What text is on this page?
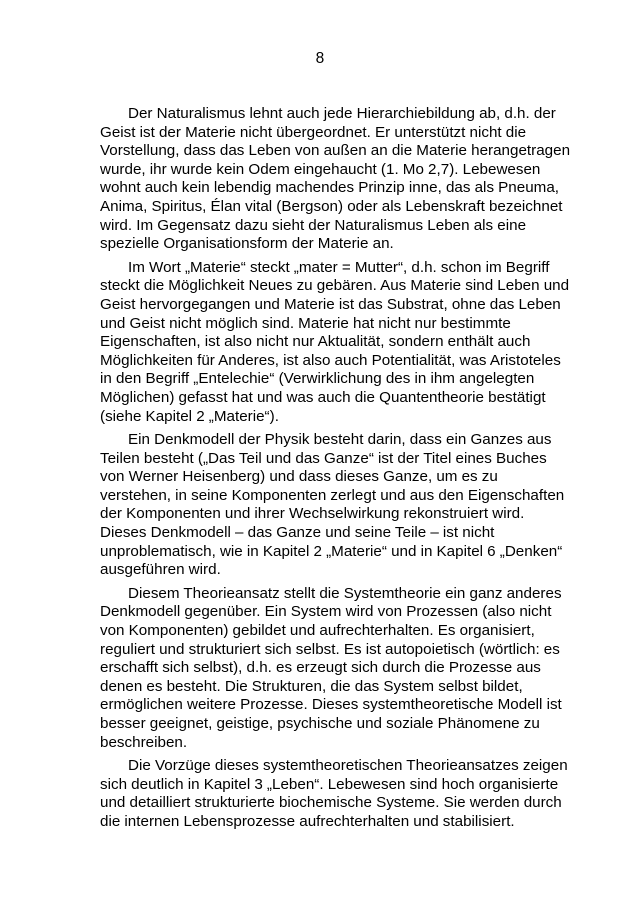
8

Der Naturalismus lehnt auch jede Hierarchiebildung ab, d.h. der Geist ist der Materie nicht übergeordnet. Er unterstützt nicht die Vorstellung, dass das Leben von außen an die Materie herangetragen wurde, ihr wurde kein Odem eingehaucht (1. Mo 2,7). Lebewesen wohnt auch kein lebendig machendes Prinzip inne, das als Pneuma, Anima, Spiritus, Élan vital (Bergson) oder als Lebenskraft bezeichnet wird. Im Gegensatz dazu sieht der Naturalismus Leben als eine spezielle Organisationsform der Materie an.

Im Wort „Materie“ steckt „mater = Mutter“, d.h. schon im Begriff steckt die Möglichkeit Neues zu gebären. Aus Materie sind Leben und Geist hervorgegangen und Materie ist das Substrat, ohne das Leben und Geist nicht möglich sind. Materie hat nicht nur bestimmte Eigenschaften, ist also nicht nur Aktualität, sondern enthält auch Möglichkeiten für Anderes, ist also auch Potentialität, was Aristoteles in den Begriff „Entelechie“ (Verwirklichung des in ihm angelegten Möglichen) gefasst hat und was auch die Quantentheorie bestätigt (siehe Kapitel 2 „Materie“).

Ein Denkmodell der Physik besteht darin, dass ein Ganzes aus Teilen besteht („Das Teil und das Ganze“ ist der Titel eines Buches von Werner Heisenberg) und dass dieses Ganze, um es zu verstehen, in seine Komponenten zerlegt und aus den Eigenschaften der Komponenten und ihrer Wechselwirkung rekonstruiert wird. Dieses Denkmodell – das Ganze und seine Teile – ist nicht unproblematisch, wie in Kapitel 2 „Materie“ und in Kapitel 6 „Denken“ ausgeführen wird.

Diesem Theorieansatz stellt die Systemtheorie ein ganz anderes Denkmodell gegenüber. Ein System wird von Prozessen (also nicht von Komponenten) gebildet und aufrechterhalten. Es organisiert, reguliert und strukturiert sich selbst. Es ist autopoietisch (wörtlich: es erschafft sich selbst), d.h. es erzeugt sich durch die Prozesse aus denen es besteht. Die Strukturen, die das System selbst bildet, ermöglichen weitere Prozesse. Dieses systemtheoretische Modell ist besser geeignet, geistige, psychische und soziale Phänomene zu beschreiben.

Die Vorzüge dieses systemtheoretischen Theorieansatzes zeigen sich deutlich in Kapitel 3 „Leben“. Lebewesen sind hoch organisierte und detailliert strukturierte biochemische Systeme. Sie werden durch die internen Lebensprozesse aufrechterhalten und stabilisiert.
